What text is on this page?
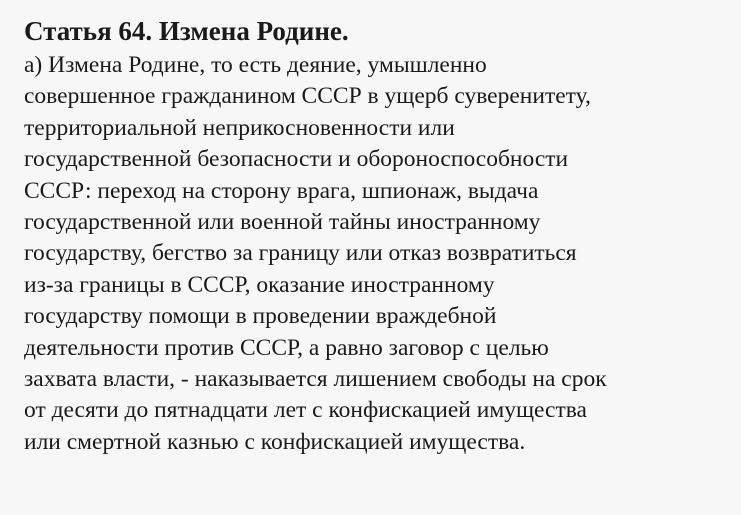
Статья 64. Измена Родине.

а) Измена Родине, то есть деяние, умышленно
совершенное гражданином СССР в ущерб суверенитету,
территориальной неприкосновенности или
государственной безопасности и обороноспособности
СССР: переход на сторону врага, шпионаж, выдача
государственной или военной тайны иностранному
государству, бегство за границу или отказ возвратиться
из-за границы в СССР, оказание иностранному
государству помощи в проведении враждебной
деятельности против СССР, а равно заговор с целью
захвата власти, - наказывается лишением свободы на срок
от десяти до пятнадцати лет с конфискацией имущества
или смертной казнью с конфискацией имущества.
